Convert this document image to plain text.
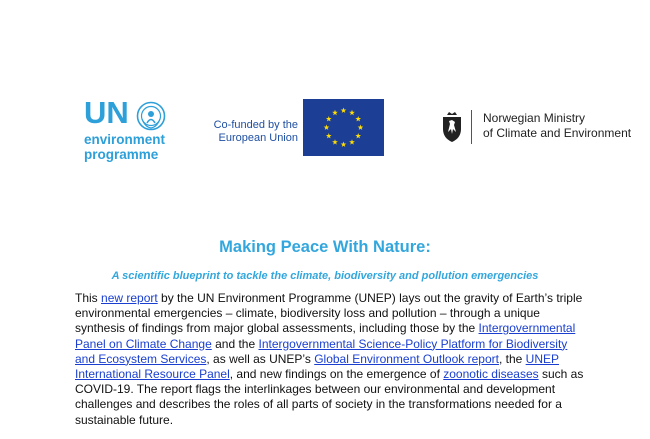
UN
environment
programme
Co-funded by the
European Union
Norwegian Ministry
of Climate and Environment
Making Peace With Nature:
A scientific blueprint to tackle the climate, biodiversity and pollution emergencies

This new report by the UN Environment Programme (UNEP) lays out the gravity of Earth’s triple environmental emergencies – climate, biodiversity loss and pollution – through a unique synthesis of findings from major global assessments, including those by the Intergovernmental Panel on Climate Change and the Intergovernmental Science-Policy Platform for Biodiversity and Ecosystem Services, as well as UNEP’s Global Environment Outlook report, the UNEP International Resource Panel, and new findings on the emergence of zoonotic diseases such as COVID-19. The report flags the interlinkages between our environmental and development challenges and describes the roles of all parts of society in the transformations needed for a sustainable future.
